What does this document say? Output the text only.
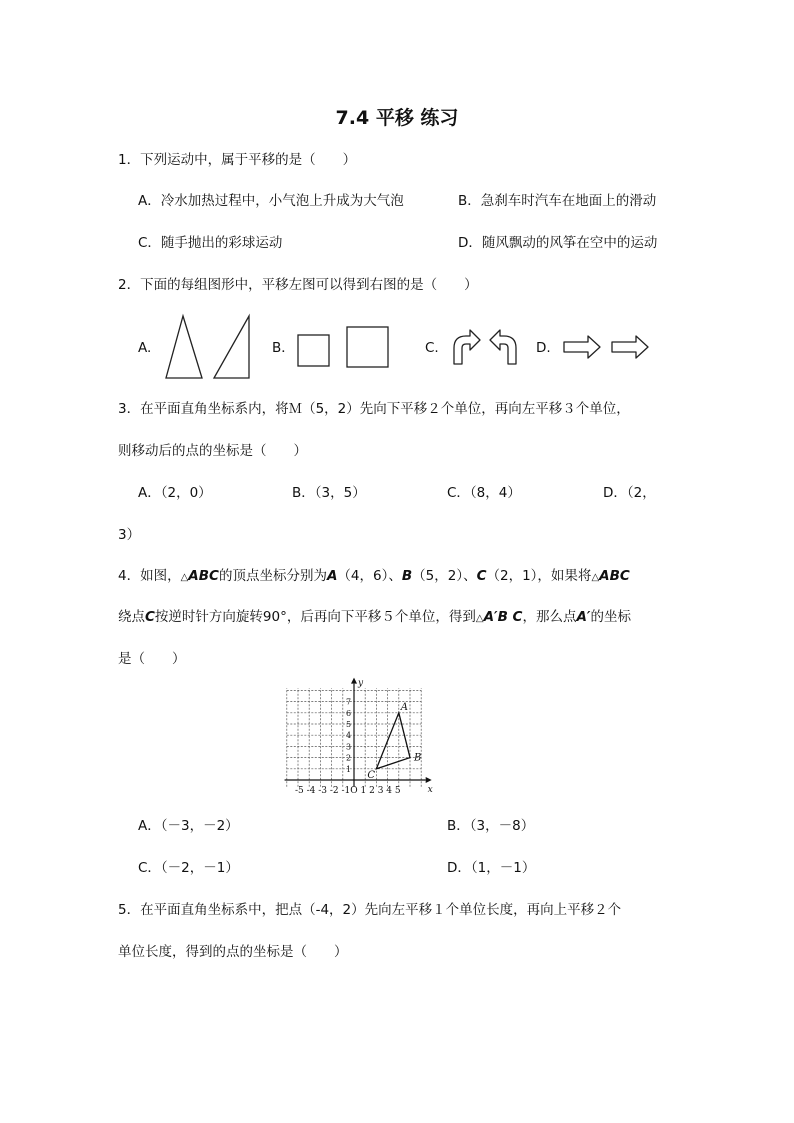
7.4 平移 练习
1．下列运动中，属于平移的是（　　）
A．冷水加热过程中，小气泡上升成为大气泡	B．急刹车时汽车在地面上的滑动
C．随手抛出的彩球运动	D．随风飘动的风筝在空中的运动
2．下面的每组图形中，平移左图可以得到右图的是（　　）
A.	B．	C.	D.
3．在平面直角坐标系内，将Ｍ（5，2）先向下平移２个单位，再向左平移３个单位，
则移动后的点的坐标是（　　）
A．（2，0）	B．（3，5）	C．（8，4）	D．（2，
3）
4．如图，△ABC的顶点坐标分别为A（4，6）、B（5，2）、C（2，1），如果将△ABC
绕点C按逆时针方向旋转90°，后再向下平移５个单位，得到△A′B C，那么点A′的坐标
是（　　）
-5 -4 -3 -2 -1O 1 2 3 4 5
1
2
3
4
5
6
7
x
y
A
B
C
A．（－3，－2）	B．（3，－8）
C．（－2，－1）	D．（1，－1）
5．在平面直角坐标系中，把点（-4，2）先向左平移１个单位长度，再向上平移２个
单位长度，得到的点的坐标是（　　）
